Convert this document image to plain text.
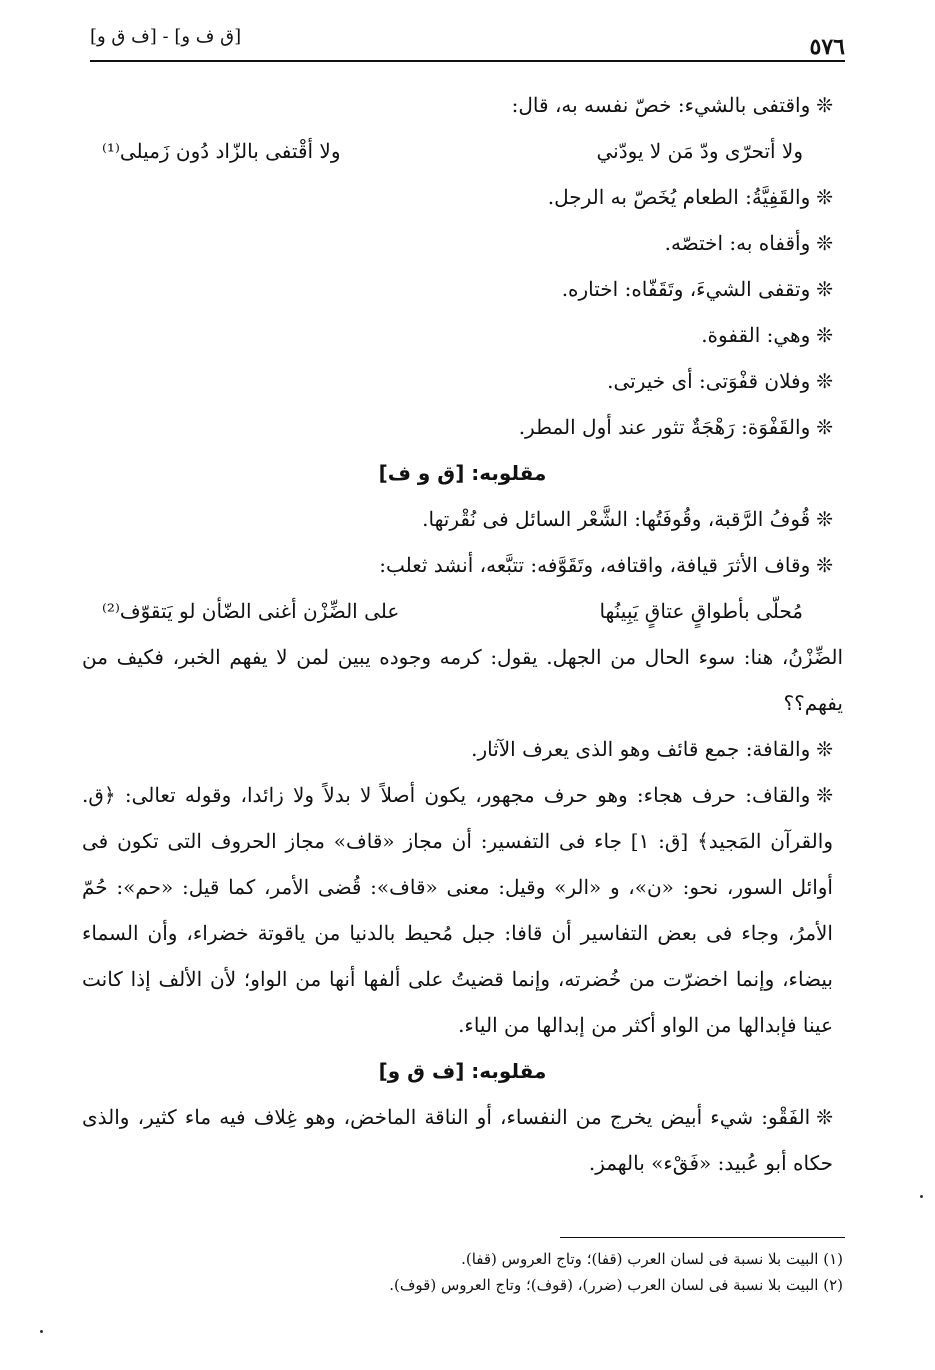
[ق ف و] - [ف ق و]	٥٧٦
❊واقتفى بالشيء: خصّ نفسه به، قال:
ولا أتحرّى ودّ مَن لا يودّني
ولا أقْتفى بالزّاد دُون زَميلى⁽¹⁾
❊والقَفِيَّةُ: الطعام يُخَصّ به الرجل.
❊وأقفاه به: اختصّه.
❊وتقفى الشيءَ، وتَقَفّاه: اختاره.
❊وهي: القفوة.
❊وفلان قفْوَتى: أى خيرتى.
❊والقَفْوَة: رَهْجَةٌ تثور عند أول المطر.
مقلوبه: [ق و ف]
❊قُوفُ الرَّقبة، وقُوفَتُها: الشَّعْر السائل فى نُقْرتها.
❊وقاف الأثرَ قيافة، واقتافه، وتَقَوَّفه: تتبَّعه، أنشد ثعلب:
مُحلّى بأطواقٍ عتاقٍ يَبِينُها
على الضِّزْن أغنى الضّأن لو يَتقوّف⁽²⁾
الضِّزْنُ، هنا: سوء الحال من الجهل. يقول: كرمه وجوده يبين لمن لا يفهم الخبر، فكيف من يفهم؟؟
❊والقافة: جمع قائف وهو الذى يعرف الآثار.
❊والقاف: حرف هجاء: وهو حرف مجهور، يكون أصلاً لا بدلاً ولا زائدا، وقوله تعالى: ﴿ق. والقرآن المَجيد﴾ [ق: ١] جاء فى التفسير: أن مجاز «قاف» مجاز الحروف التى تكون فى أوائل السور، نحو: «ن»، و «الر» وقيل: معنى «قاف»: قُضى الأمر، كما قيل: «حم»: حُمّ الأمرُ، وجاء فى بعض التفاسير أن قافا: جبل مُحيط بالدنيا من ياقوتة خضراء، وأن السماء بيضاء، وإنما اخضرّت من خُضرته، وإنما قضيتُ على ألفها أنها من الواو؛ لأن الألف إذا كانت عينا فإبدالها من الواو أكثر من إبدالها من الياء.
مقلوبه: [ف ق و]
❊الفَقْو: شيء أبيض يخرج من النفساء، أو الناقة الماخض، وهو غِلاف فيه ماء كثير، والذى حكاه أبو عُبيد: «فَقْء» بالهمز.
(١) البيت بلا نسبة فى لسان العرب (قفا)؛ وتاج العروس (قفا).
(٢) البيت بلا نسبة فى لسان العرب (ضرر)، (قوف)؛ وتاج العروس (قوف).
